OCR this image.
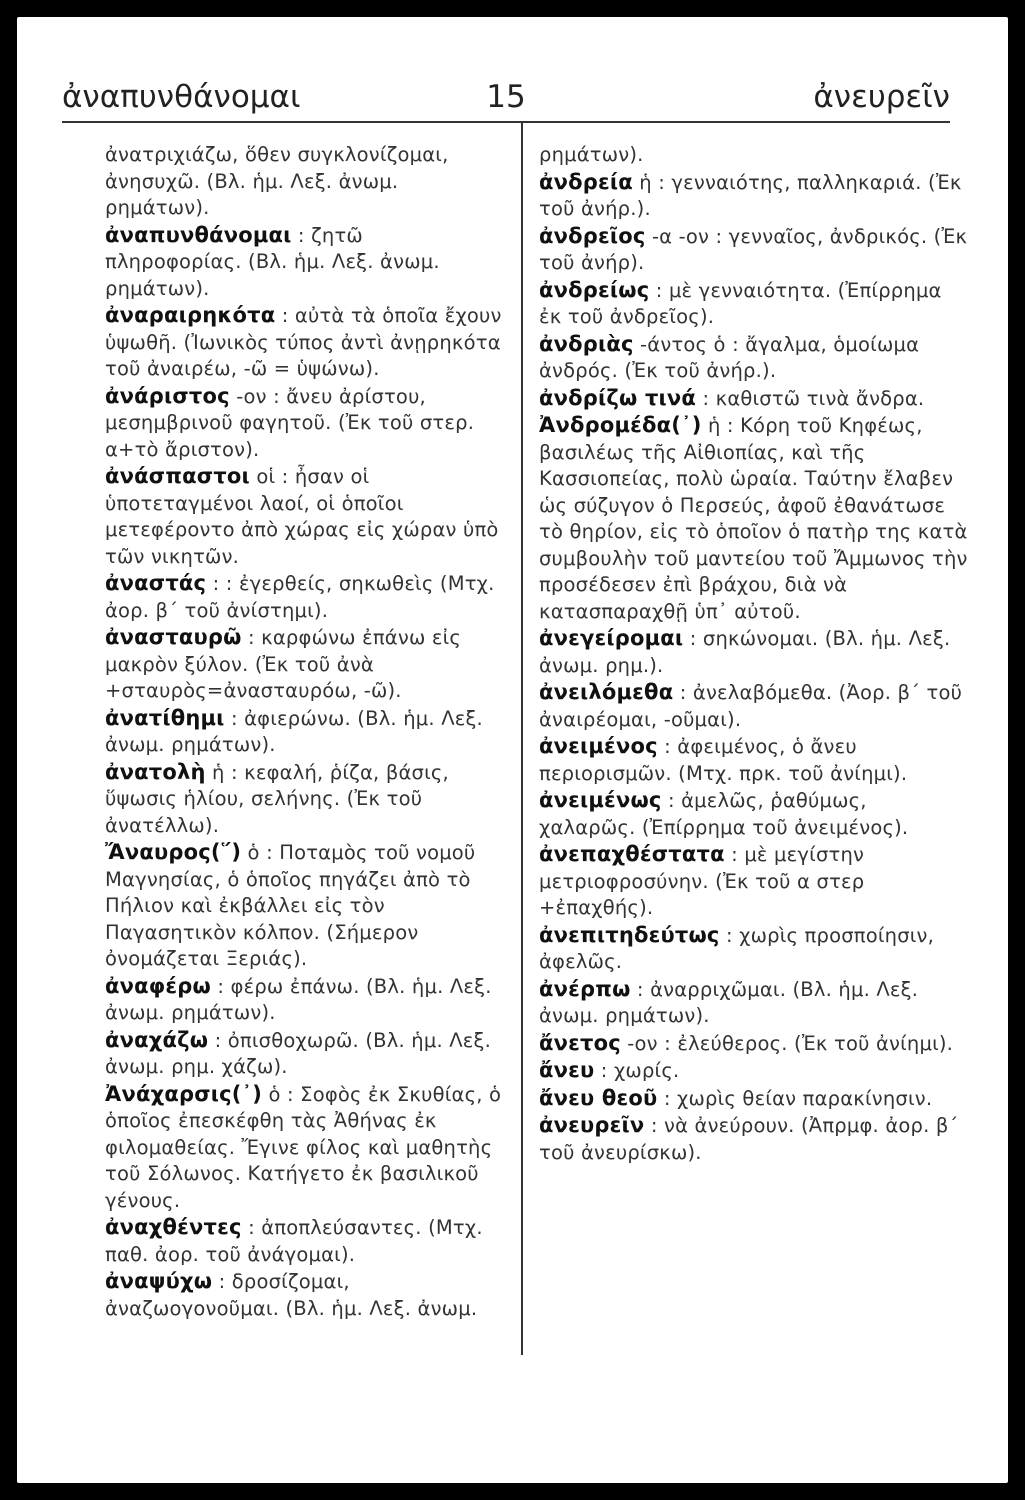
ἀναπυνθάνομαι	15	ἀνευρεῖν

ἀνατριχιάζω, ὅθεν συγκλονίζομαι, ἀνησυχῶ. (Βλ. ἡμ. Λεξ. ἀνωμ. ρημάτων).

ἀναπυνθάνομαι : ζητῶ πληροφορίας. (Βλ. ἡμ. Λεξ. ἀνωμ. ρημάτων).

ἀναραιρηκότα : αὐτὰ τὰ ὁποῖα ἔχουν ὑψωθῆ. (Ἰωνικὸς τύπος ἀντὶ ἀνῃρηκότα τοῦ ἀναιρέω, -ῶ = ὑψώνω).

ἀνάριστος -ον : ἄνευ ἀρίστου, μεσημβρινοῦ φαγητοῦ. (Ἐκ τοῦ στερ. α+τὸ ἄριστον).

ἀνάσπαστοι οἱ : ἦσαν οἱ ὑποτεταγμένοι λαοί, οἱ ὁποῖοι μετεφέροντο ἀπὸ χώρας εἰς χώραν ὑπὸ τῶν νικητῶν.

ἀναστάς : : ἐγερθείς, σηκωθεὶς (Μτχ. ἀορ. β΄ τοῦ ἀνίστημι).

ἀνασταυρῶ : καρφώνω ἐπάνω εἰς μακρὸν ξύλον. (Ἐκ τοῦ ἀνὰ +σταυρὸς=ἀνασταυρόω, -ῶ).

ἀνατίθημι : ἀφιερώνω. (Βλ. ἡμ. Λεξ. ἀνωμ. ρημάτων).

ἀνατολὴ ἡ : κεφαλή, ῥίζα, βάσις, ὕψωσις ἡλίου, σελήνης. (Ἐκ τοῦ ἀνατέλλω).

Ἄναυρος(῞) ὁ : Ποταμὸς τοῦ νομοῦ Μαγνησίας, ὁ ὁποῖος πηγάζει ἀπὸ τὸ Πήλιον καὶ ἐκβάλλει εἰς τὸν Παγασητικὸν κόλπον. (Σήμερον ὀνομάζεται Ξεριάς).

ἀναφέρω : φέρω ἐπάνω. (Βλ. ἡμ. Λεξ. ἀνωμ. ρημάτων).

ἀναχάζω : ὀπισθοχωρῶ. (Βλ. ἡμ. Λεξ. ἀνωμ. ρημ. χάζω).

Ἀνάχαρσις(᾿) ὁ : Σοφὸς ἐκ Σκυθίας, ὁ ὁποῖος ἐπεσκέφθη τὰς Ἀθήνας ἐκ φιλομαθείας. Ἔγινε φίλος καὶ μαθητὴς τοῦ Σόλωνος. Κατήγετο ἐκ βασιλικοῦ γένους.

ἀναχθέντες : ἀποπλεύσαντες. (Μτχ. παθ. ἀορ. τοῦ ἀνάγομαι).

ἀναψύχω : δροσίζομαι, ἀναζωογονοῦμαι. (Βλ. ἡμ. Λεξ. ἀνωμ.

ρημάτων).

ἀνδρεία ἡ : γενναιότης, παλληκαριά. (Ἐκ τοῦ ἀνήρ.).

ἀνδρεῖος -α -ον : γενναῖος, ἀνδρικός. (Ἐκ τοῦ ἀνήρ).

ἀνδρείως : μὲ γενναιότητα. (Ἐπίρρημα ἐκ τοῦ ἀνδρεῖος).

ἀνδριὰς -άντος ὁ : ἄγαλμα, ὁμοίωμα ἀνδρός. (Ἐκ τοῦ ἀνήρ.).

ἀνδρίζω τινά : καθιστῶ τινὰ ἄνδρα.

Ἀνδρομέδα(᾿) ἡ : Κόρη τοῦ Κηφέως, βασιλέως τῆς Αἰθιοπίας, καὶ τῆς Κασσιοπείας, πολὺ ὡραία. Ταύτην ἔλαβεν ὡς σύζυγον ὁ Περσεύς, ἀφοῦ ἐθανάτωσε τὸ θηρίον, εἰς τὸ ὁποῖον ὁ πατὴρ της κατὰ συμβουλὴν τοῦ μαντείου τοῦ Ἄμμωνος τὴν προσέδεσεν ἐπὶ βράχου, διὰ νὰ κατασπαραχθῇ ὑπ᾿ αὐτοῦ.

ἀνεγείρομαι : σηκώνομαι. (Βλ. ἡμ. Λεξ. ἀνωμ. ρημ.).

ἀνειλόμεθα : ἀνελαβόμεθα. (Ἀορ. β΄ τοῦ ἀναιρέομαι, -οῦμαι).

ἀνειμένος : ἀφειμένος, ὁ ἄνευ περιορισμῶν. (Μτχ. πρκ. τοῦ ἀνίημι).

ἀνειμένως : ἀμελῶς, ῥαθύμως, χαλαρῶς. (Ἐπίρρημα τοῦ ἀνειμένος).

ἀνεπαχθέστατα : μὲ μεγίστην μετριοφροσύνην. (Ἐκ τοῦ α στερ +ἐπαχθής).

ἀνεπιτηδεύτως : χωρὶς προσποίησιν, ἀφελῶς.

ἀνέρπω : ἀναρριχῶμαι. (Βλ. ἡμ. Λεξ. ἀνωμ. ρημάτων).

ἄνετος -ον : ἐλεύθερος. (Ἐκ τοῦ ἀνίημι).

ἄνευ : χωρίς.

ἄνευ θεοῦ : χωρὶς θείαν παρακίνησιν.

ἀνευρεῖν : νὰ ἀνεύρουν. (Ἀπρμφ. ἀορ. β΄ τοῦ ἀνευρίσκω).
